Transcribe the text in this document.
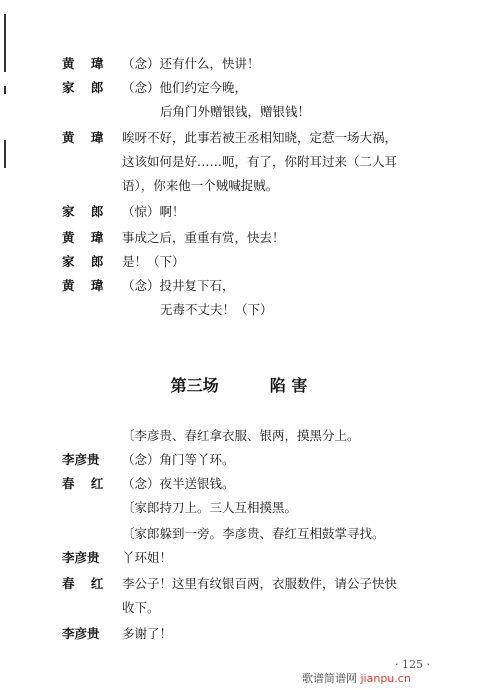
黄 瑋 （念）还有什么，快讲！
家 郎 （念）他们约定今晚，
后角门外赠银钱，赠银钱！
黄 瑋 唉呀不好，此事若被王丞相知晓，定惹一场大祸，
这该如何是好……呃，有了，你附耳过来（二人耳
语），你来他一个贼喊捉贼。
家 郎 （惊）啊！
黄 瑋 事成之后，重重有赏，快去！
家 郎 是！（下）
黄 瑋 （念）投井复下石，
无毒不丈夫！（下）
第三场	陷 害
〔李彦贵、春红拿衣服、银两，摸黑分上。
李彦贵 （念）角门等丫环。
春 红 （念）夜半送银钱。
〔家郎持刀上。三人互相摸黑。
〔家郎躲到一旁。李彦贵、春红互相鼓掌寻找。
李彦贵 丫环姐！
春 红 李公子！这里有纹银百两，衣服数件，请公子快快
收下。
李彦贵 多谢了！
· 125 ·
歌谱简谱网 jianpu.cn
